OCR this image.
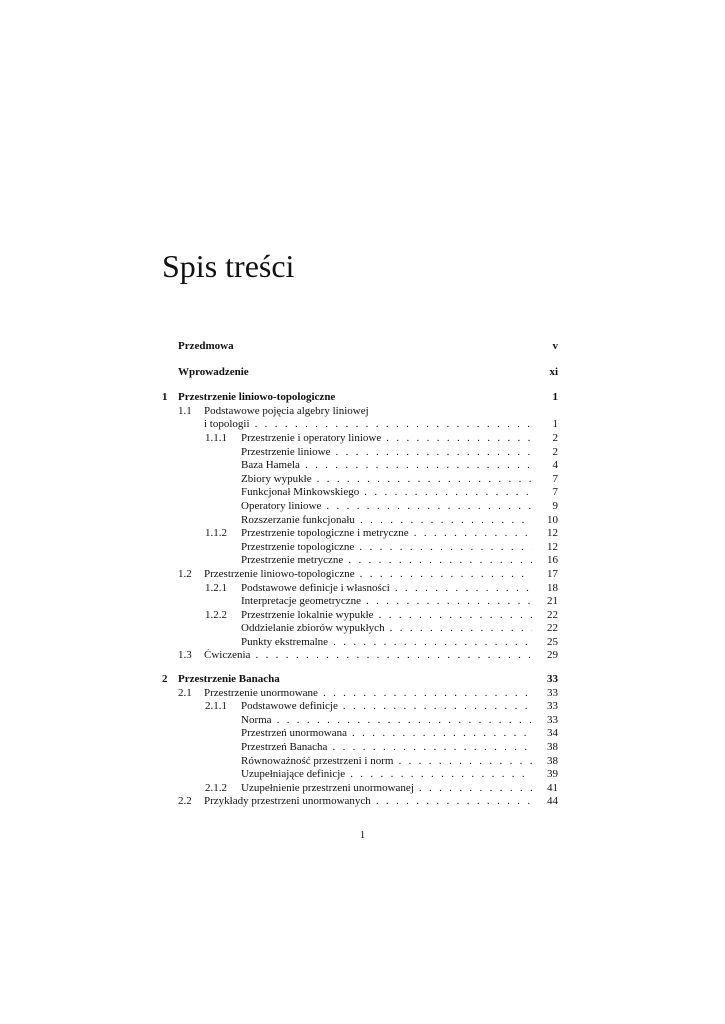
Spis treści
Przedmowa	v
Wprowadzenie	xi
1 Przestrzenie liniowo-topologiczne	1
1.1 Podstawowe pojęcia algebry liniowej
i topologii . . .	1
1.1.1 Przestrzenie i operatory liniowe . . .	2
Przestrzenie liniowe . . .	2
Baza Hamela . . .	4
Zbiory wypukłe . . .	7
Funkcjonał Minkowskiego . . .	7
Operatory liniowe . . .	9
Rozszerzanie funkcjonału . . .	10
1.1.2 Przestrzenie topologiczne i metryczne . . .	12
Przestrzenie topologiczne . . .	12
Przestrzenie metryczne . . .	16
1.2 Przestrzenie liniowo-topologiczne . . .	17
1.2.1 Podstawowe definicje i własności . . .	18
Interpretacje geometryczne . . .	21
1.2.2 Przestrzenie lokalnie wypukłe . . .	22
Oddzielanie zbiorów wypukłych . . .	22
Punkty ekstremalne . . .	25
1.3 Ćwiczenia . . .	29
2 Przestrzenie Banacha	33
2.1 Przestrzenie unormowane . . .	33
2.1.1 Podstawowe definicje . . .	33
Norma . . .	33
Przestrzeń unormowana . . .	34
Przestrzeń Banacha . . .	38
Równoważność przestrzeni i norm . . .	38
Uzupełniające definicje . . .	39
2.1.2 Uzupełnienie przestrzeni unormowanej . . .	41
2.2 Przykłady przestrzeni unormowanych . . .	44
1
